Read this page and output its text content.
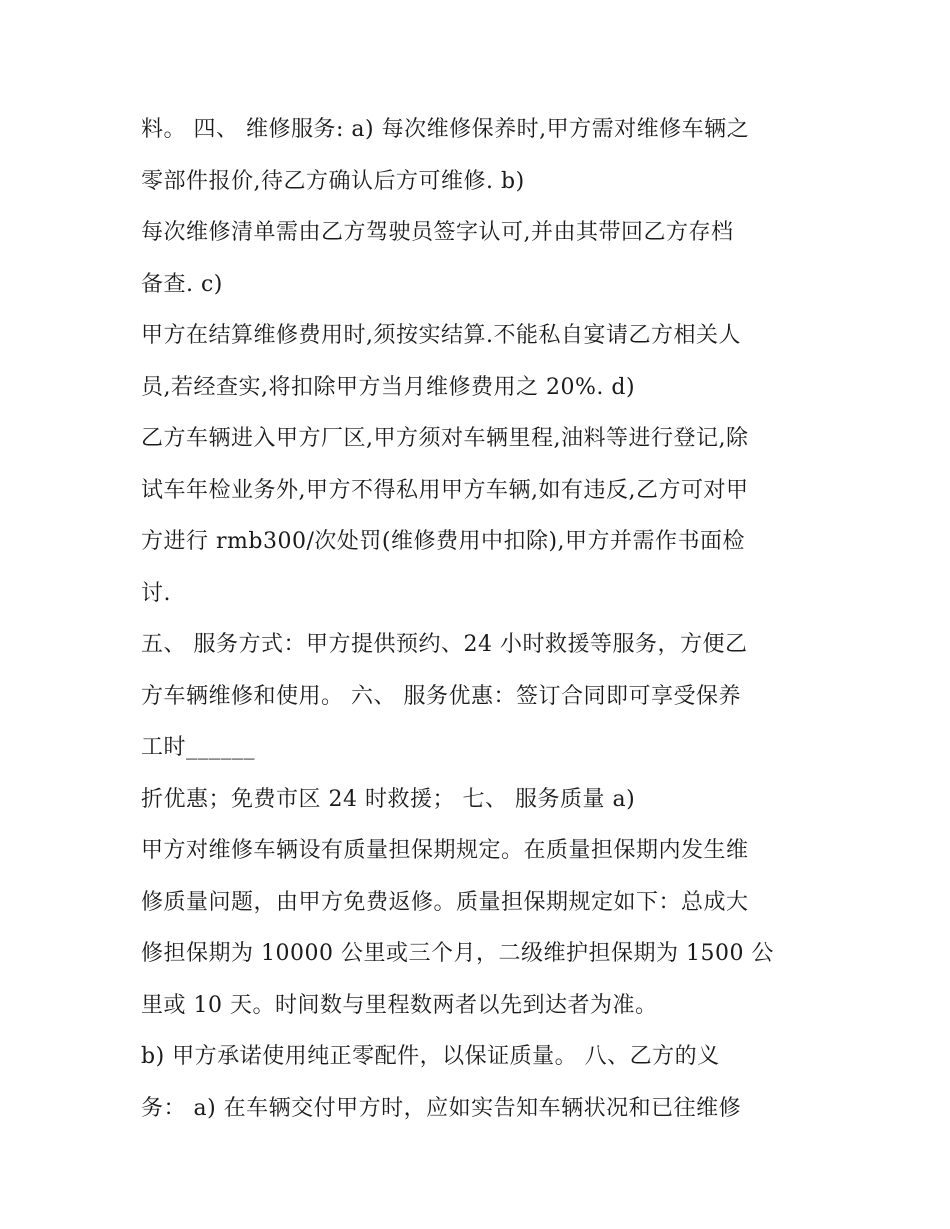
料。 四、 维修服务: a) 每次维修保养时,甲方需对维修车辆之
零部件报价,待乙方确认后方可维修. b)
每次维修清单需由乙方驾驶员签字认可,并由其带回乙方存档
备查. c)
甲方在结算维修费用时,须按实结算.不能私自宴请乙方相关人
员,若经查实,将扣除甲方当月维修费用之 20%. d)
乙方车辆进入甲方厂区,甲方须对车辆里程,油料等进行登记,除
试车年检业务外,甲方不得私用甲方车辆,如有违反,乙方可对甲
方进行 rmb300/次处罚(维修费用中扣除),甲方并需作书面检
讨.
五、 服务方式：甲方提供预约、24 小时救援等服务，方便乙
方车辆维修和使用。 六、 服务优惠：签订合同即可享受保养
工时______
折优惠；免费市区 24 时救援； 七、 服务质量 a)
甲方对维修车辆设有质量担保期规定。在质量担保期内发生维
修质量问题，由甲方免费返修。质量担保期规定如下：总成大
修担保期为 10000 公里或三个月，二级维护担保期为 1500 公
里或 10 天。时间数与里程数两者以先到达者为准。
b) 甲方承诺使用纯正零配件，以保证质量。 八、乙方的义
务： a) 在车辆交付甲方时，应如实告知车辆状况和已往维修
